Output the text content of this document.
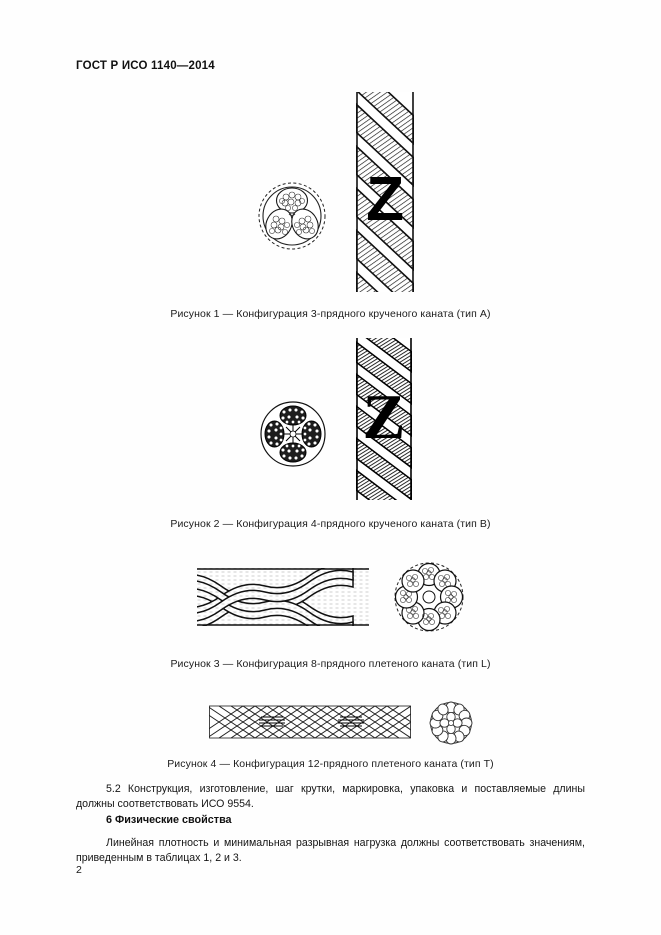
ГОСТ Р ИСО 1140—2014
Z
Рисунок 1 — Конфигурация 3-прядного крученого каната (тип А)
Z
Рисунок 2 — Конфигурация 4-прядного крученого каната (тип В)
Рисунок 3 — Конфигурация 8-прядного плетеного каната (тип L)
Рисунок 4 — Конфигурация 12-прядного плетеного каната (тип Т)
5.2 Конструкция, изготовление, шаг крутки, маркировка, упаковка и поставляемые длины должны соответствовать ИСО 9554.
6 Физические свойства
Линейная плотность и минимальная разрывная нагрузка должны соответствовать значениям, приведенным в таблицах 1, 2 и 3.
2
